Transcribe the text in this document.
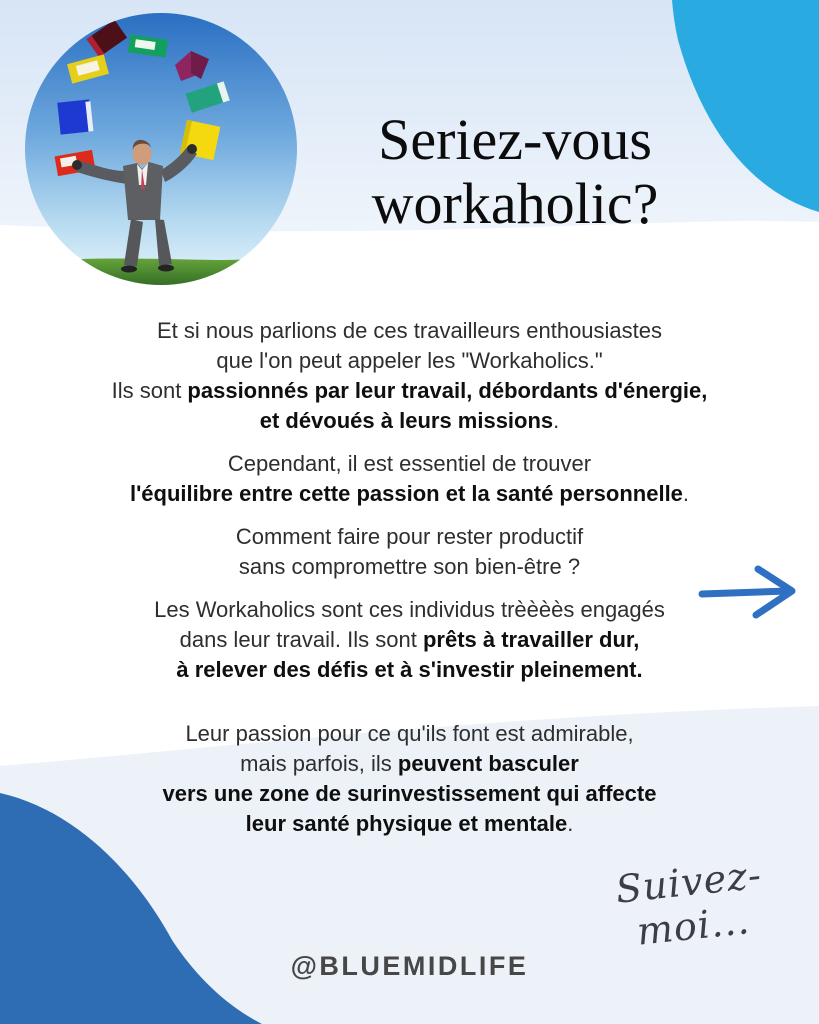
Seriez-vous
workaholic?
Et si nous parlions de ces travailleurs enthousiastes
que l'on peut appeler les "Workaholics."
Ils sont passionnés par leur travail, débordants d'énergie,
et dévoués à leurs missions.
Cependant, il est essentiel de trouver
l'équilibre entre cette passion et la santé personnelle.
Comment faire pour rester productif
sans compromettre son bien-être ?
Les Workaholics sont ces individus trèèèès engagés
dans leur travail. Ils sont prêts à travailler dur,
à relever des défis et à s'investir pleinement.
Leur passion pour ce qu'ils font est admirable,
mais parfois, ils peuvent basculer
vers une zone de surinvestissement qui affecte
leur santé physique et mentale.
Suivez-moi...
@BLUEMIDLIFE
